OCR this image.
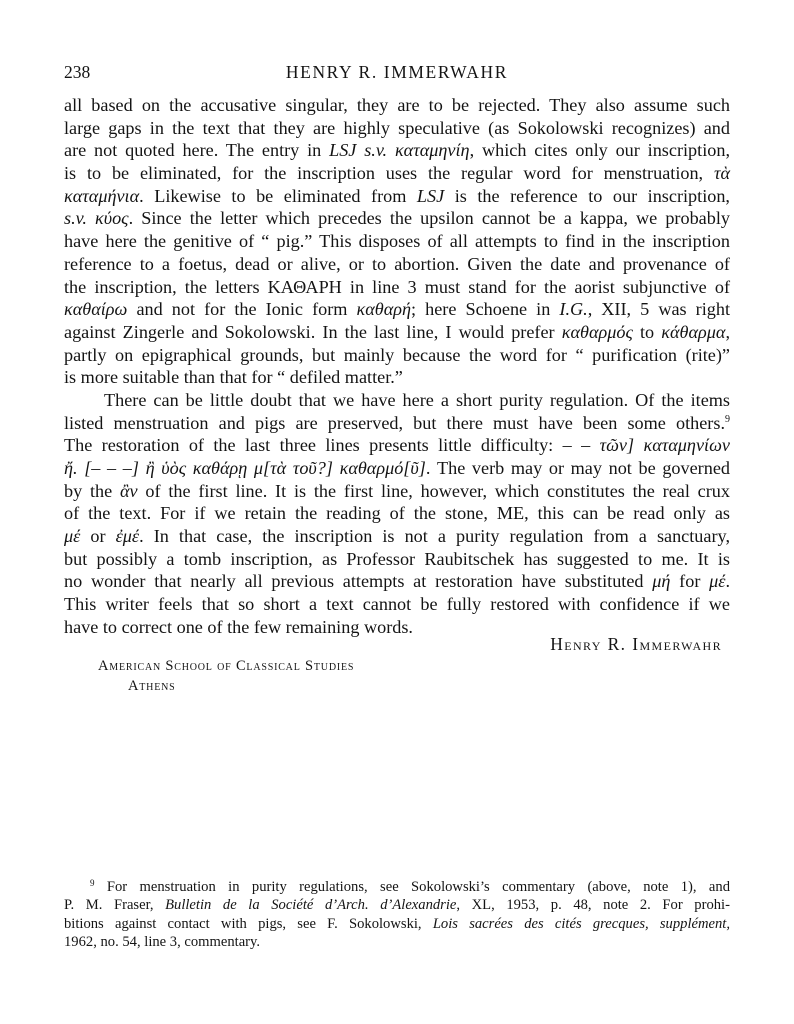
238	HENRY R. IMMERWAHR
all based on the accusative singular, they are to be rejected. They also assume such
large gaps in the text that they are highly speculative (as Sokolowski recognizes) and
are not quoted here. The entry in LSJ s.v. καταμηνίη, which cites only our inscription,
is to be eliminated, for the inscription uses the regular word for menstruation, τὰ
καταμήνια. Likewise to be eliminated from LSJ is the reference to our inscription,
s.v. κύος. Since the letter which precedes the upsilon cannot be a kappa, we probably
have here the genitive of “ pig.” This disposes of all attempts to find in the inscription
reference to a foetus, dead or alive, or to abortion. Given the date and provenance of
the inscription, the letters ΚΑΘΑΡΗ in line 3 must stand for the aorist subjunctive of
καθαίρω and not for the Ionic form καθαρή; here Schoene in I.G., XII, 5 was right
against Zingerle and Sokolowski. In the last line, I would prefer καθαρμός to κάθαρμα,
partly on epigraphical grounds, but mainly because the word for “ purification (rite)”
is more suitable than that for “ defiled matter.”
There can be little doubt that we have here a short purity regulation. Of the items
listed menstruation and pigs are preserved, but there must have been some others.$^9$
The restoration of the last three lines presents little difficulty: – – τῶν] καταμηνίων
ἤ. [– – –] ἢ ὑὸς καθάρῃ μ[τὰ τοῦ?] καθαρμό[ῦ]. The verb may or may not be governed
by the ἂν of the first line. It is the first line, however, which constitutes the real crux
of the text. For if we retain the reading of the stone, ΜΕ, this can be read only as
μέ or ἐμέ. In that case, the inscription is not a purity regulation from a sanctuary,
but possibly a tomb inscription, as Professor Raubitschek has suggested to me. It is
no wonder that nearly all previous attempts at restoration have substituted μή for μέ.
This writer feels that so short a text cannot be fully restored with confidence if we
have to correct one of the few remaining words.
Henry R. Immerwahr
American School of Classical Studies
Athens
$^9$ For menstruation in purity regulations, see Sokolowski’s commentary (above, note 1), and
P. M. Fraser, Bulletin de la Société d’Arch. d’Alexandrie, XL, 1953, p. 48, note 2. For prohi-
bitions against contact with pigs, see F. Sokolowski, Lois sacrées des cités grecques, supplément,
1962, no. 54, line 3, commentary.
